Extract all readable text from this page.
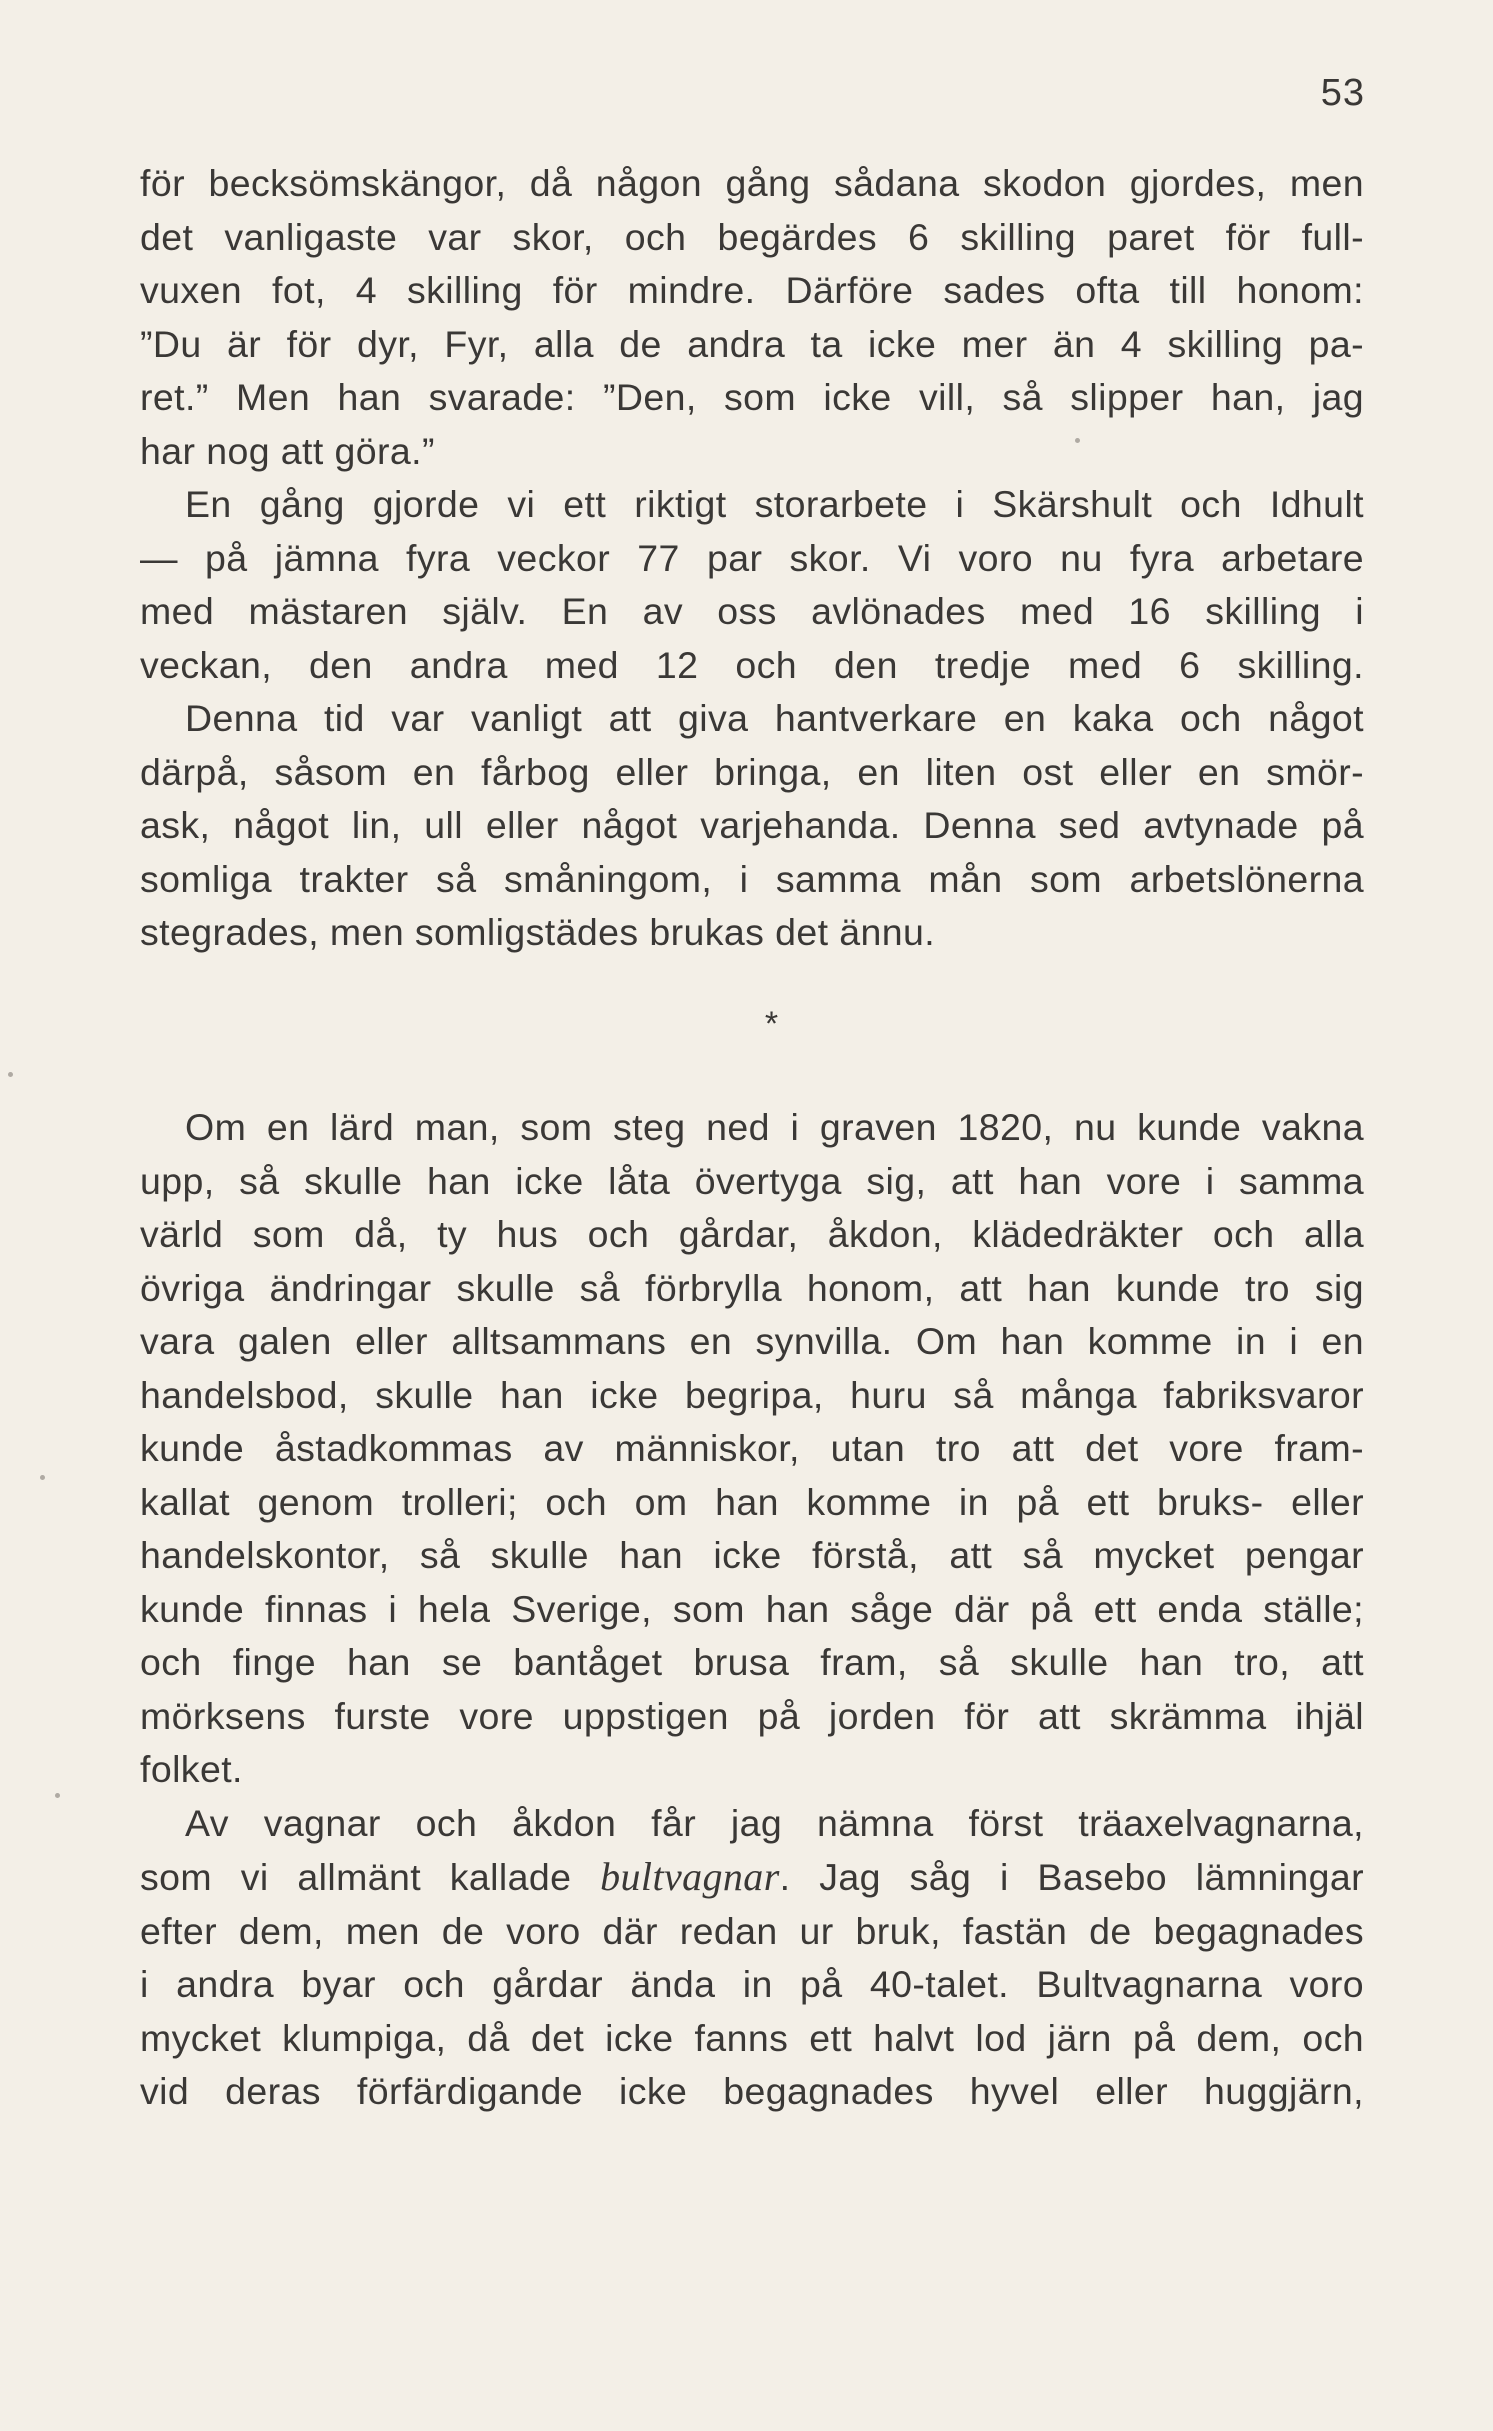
53
för becksömskängor, då någon gång sådana skodon gjordes, men
det vanligaste var skor, och begärdes 6 skilling paret för full-
vuxen fot, 4 skilling för mindre. Därföre sades ofta till honom:
”Du är för dyr, Fyr, alla de andra ta icke mer än 4 skilling pa-
ret.” Men han svarade: ”Den, som icke vill, så slipper han, jag
har nog att göra.”
En gång gjorde vi ett riktigt storarbete i Skärshult och Idhult
— på jämna fyra veckor 77 par skor. Vi voro nu fyra arbetare
med mästaren själv. En av oss avlönades med 16 skilling i
veckan, den andra med 12 och den tredje med 6 skilling.
Denna tid var vanligt att giva hantverkare en kaka och något
därpå, såsom en fårbog eller bringa, en liten ost eller en smör-
ask, något lin, ull eller något varjehanda. Denna sed avtynade på
somliga trakter så småningom, i samma mån som arbetslönerna
stegrades, men somligstädes brukas det ännu.
*
Om en lärd man, som steg ned i graven 1820, nu kunde vakna
upp, så skulle han icke låta övertyga sig, att han vore i samma
värld som då, ty hus och gårdar, åkdon, klädedräkter och alla
övriga ändringar skulle så förbrylla honom, att han kunde tro sig
vara galen eller alltsammans en synvilla. Om han komme in i en
handelsbod, skulle han icke begripa, huru så många fabriksvaror
kunde åstadkommas av människor, utan tro att det vore fram-
kallat genom trolleri; och om han komme in på ett bruks- eller
handelskontor, så skulle han icke förstå, att så mycket pengar
kunde finnas i hela Sverige, som han såge där på ett enda ställe;
och finge han se bantåget brusa fram, så skulle han tro, att
mörksens furste vore uppstigen på jorden för att skrämma ihjäl
folket.
Av vagnar och åkdon får jag nämna först träaxelvagnarna,
som vi allmänt kallade bultvagnar. Jag såg i Basebo lämningar
efter dem, men de voro där redan ur bruk, fastän de begagnades
i andra byar och gårdar ända in på 40-talet. Bultvagnarna voro
mycket klumpiga, då det icke fanns ett halvt lod järn på dem, och
vid deras förfärdigande icke begagnades hyvel eller huggjärn,
